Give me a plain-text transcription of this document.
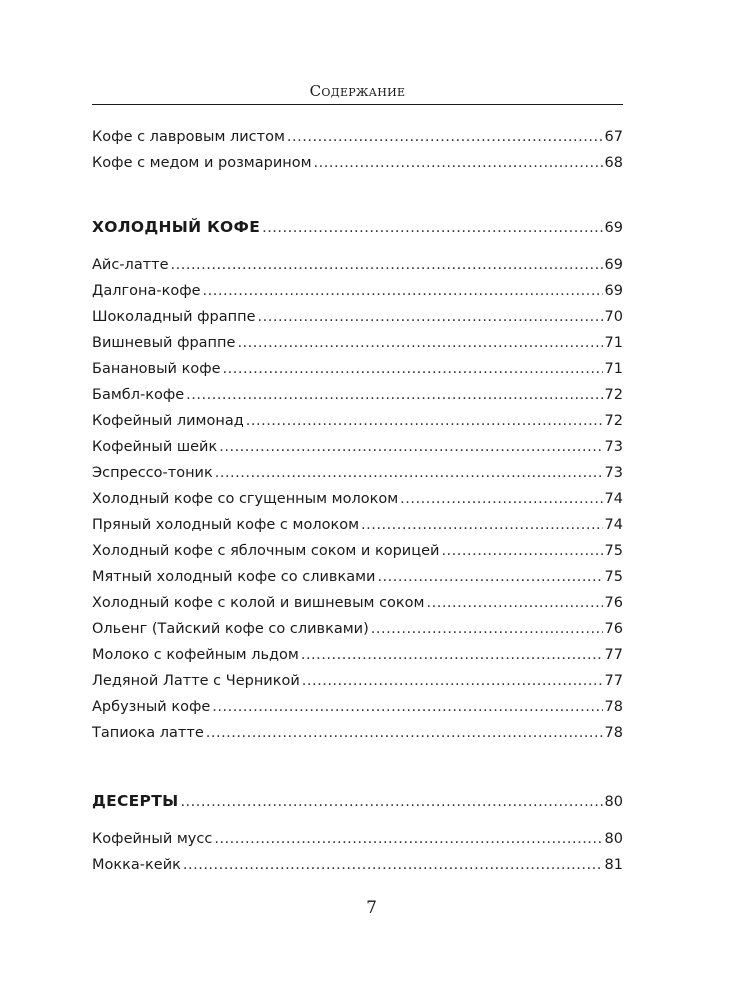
Содержание
Кофе с лавровым листом .....	67
Кофе с медом и розмарином .....	68
ХОЛОДНЫЙ КОФЕ .....	69
Айс-латте .....	69
Далгона-кофе .....	69
Шоколадный фраппе .....	70
Вишневый фраппе .....	71
Банановый кофе .....	71
Бамбл-кофе .....	72
Кофейный лимонад .....	72
Кофейный шейк .....	73
Эспрессо-тоник .....	73
Холодный кофе со сгущенным молоком .....	74
Пряный холодный кофе с молоком .....	74
Холодный кофе с яблочным соком и корицей .....	75
Мятный холодный кофе со сливками .....	75
Холодный кофе с колой и вишневым соком .....	76
Ольенг (Тайский кофе со сливками) .....	76
Молоко с кофейным льдом .....	77
Ледяной Латте с Черникой .....	77
Арбузный кофе .....	78
Тапиока латте .....	78
ДЕСЕРТЫ .....	80
Кофейный мусс .....	80
Мокка-кейк .....	81
7
